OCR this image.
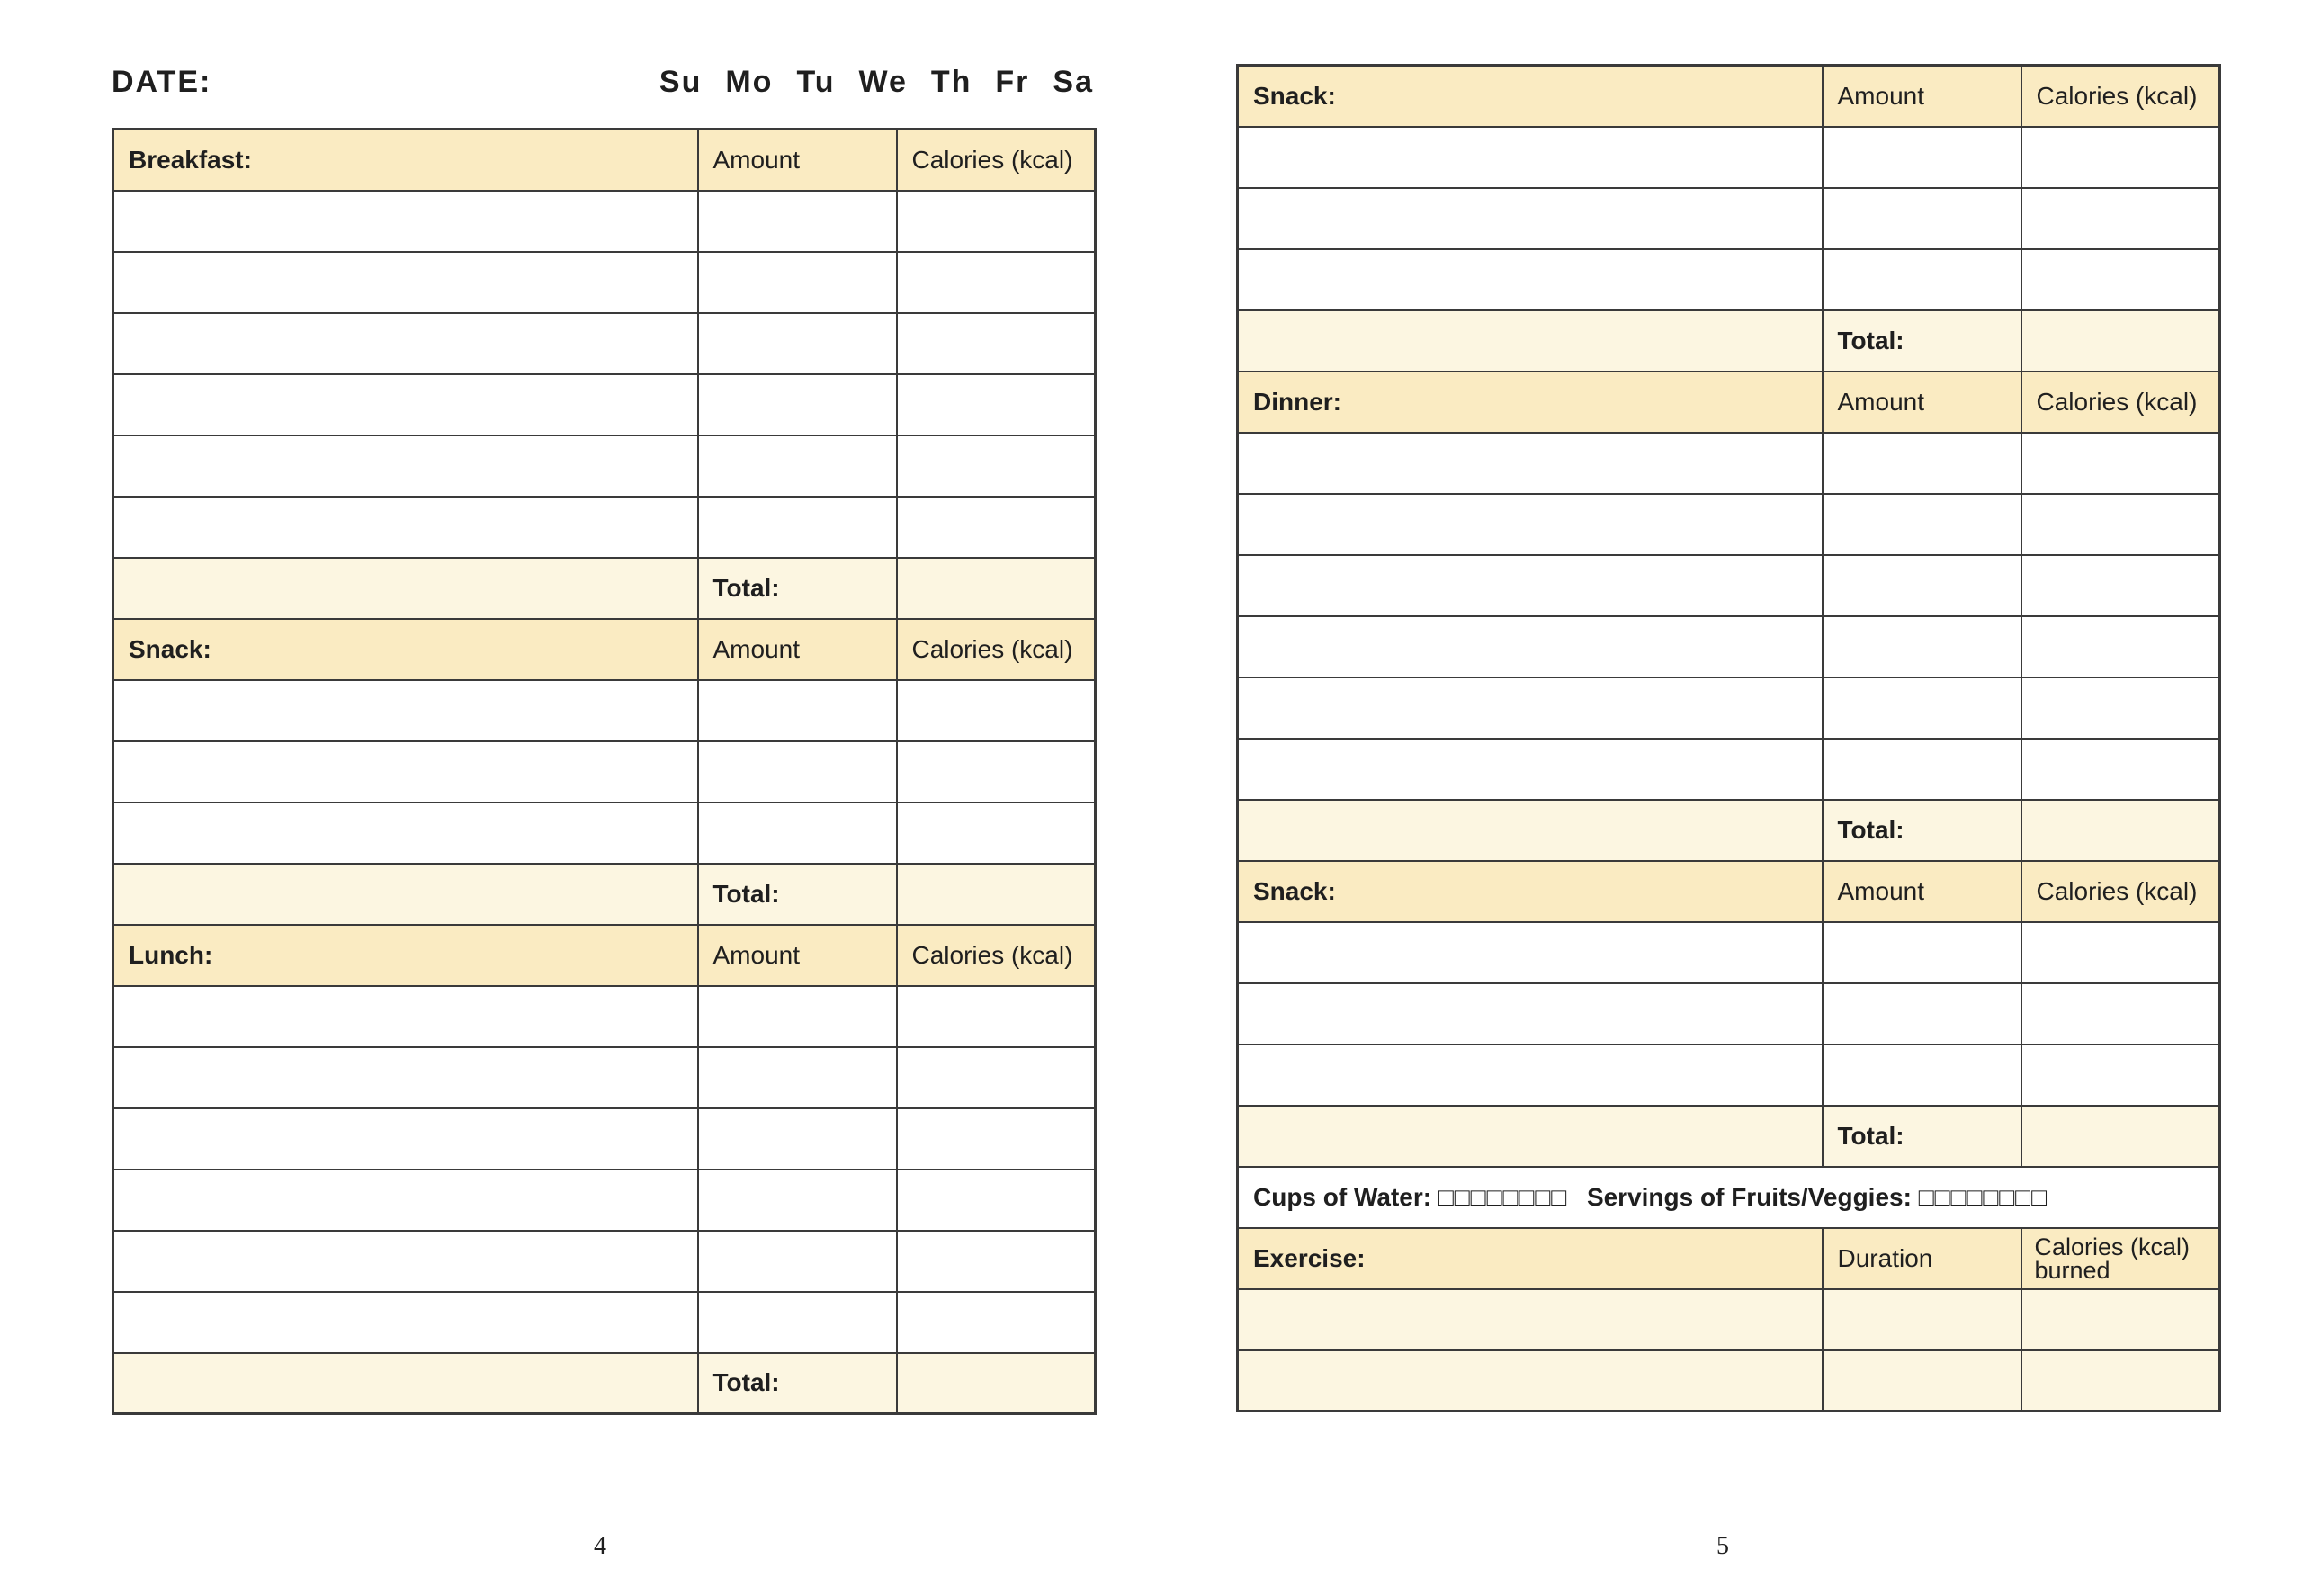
DATE:	Su Mo Tu We Th Fr Sa
Breakfast:	Amount	Calories (kcal)

	Total:	
Snack:	Amount	Calories (kcal)

	Total:	
Lunch:	Amount	Calories (kcal)

	Total:	
4
Snack:	Amount	Calories (kcal)

	Total:	
Dinner:	Amount	Calories (kcal)

	Total:	
Snack:	Amount	Calories (kcal)

	Total:	
Cups of Water: □□□□□□□□ Servings of Fruits/Veggies: □□□□□□□□		
Exercise:	Duration	Calories (kcal)
burned

5
